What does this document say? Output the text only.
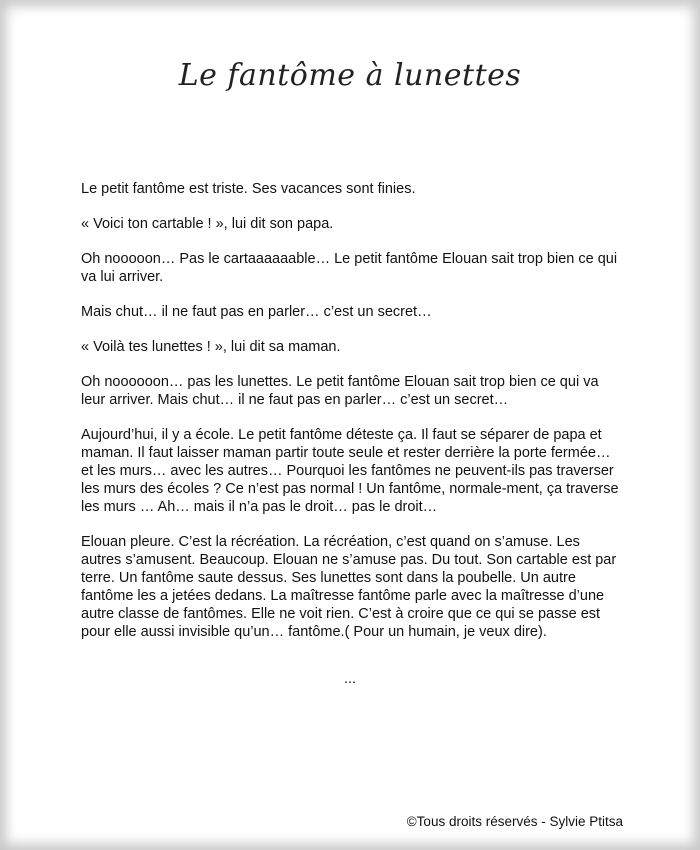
Le fantôme à lunettes

Le petit fantôme est triste. Ses vacances sont finies.

« Voici ton cartable ! », lui dit son papa.

Oh nooooon… Pas le cartaaaaaable… Le petit fantôme Elouan sait trop bien ce qui va lui arriver.

Mais chut… il ne faut pas en parler… c’est un secret…

« Voilà tes lunettes ! », lui dit sa maman.

Oh noooooon… pas les lunettes. Le petit fantôme Elouan sait trop bien ce qui va leur arriver. Mais chut… il ne faut pas en parler… c’est un secret…

Aujourd’hui, il y a école. Le petit fantôme déteste ça. Il faut se séparer de papa et maman. Il faut laisser maman partir toute seule et rester derrière la porte fermée… et les murs… avec les autres… Pourquoi les fantômes ne peuvent-ils pas traverser les murs des écoles ? Ce n’est pas normal ! Un fantôme, normale-ment, ça traverse les murs … Ah… mais il n’a pas le droit… pas le droit…

Elouan pleure. C’est la récréation. La récréation, c’est quand on s’amuse. Les autres s’amusent. Beaucoup. Elouan ne s’amuse pas. Du tout. Son cartable est par terre. Un fantôme saute dessus. Ses lunettes sont dans la poubelle. Un autre fantôme les a jetées dedans. La maîtresse fantôme parle avec la maîtresse d’une autre classe de fantômes. Elle ne voit rien. C’est à croire que ce qui se passe est pour elle aussi invisible qu’un… fantôme.( Pour un humain, je veux dire).

...
©Tous droits réservés - Sylvie Ptitsa
